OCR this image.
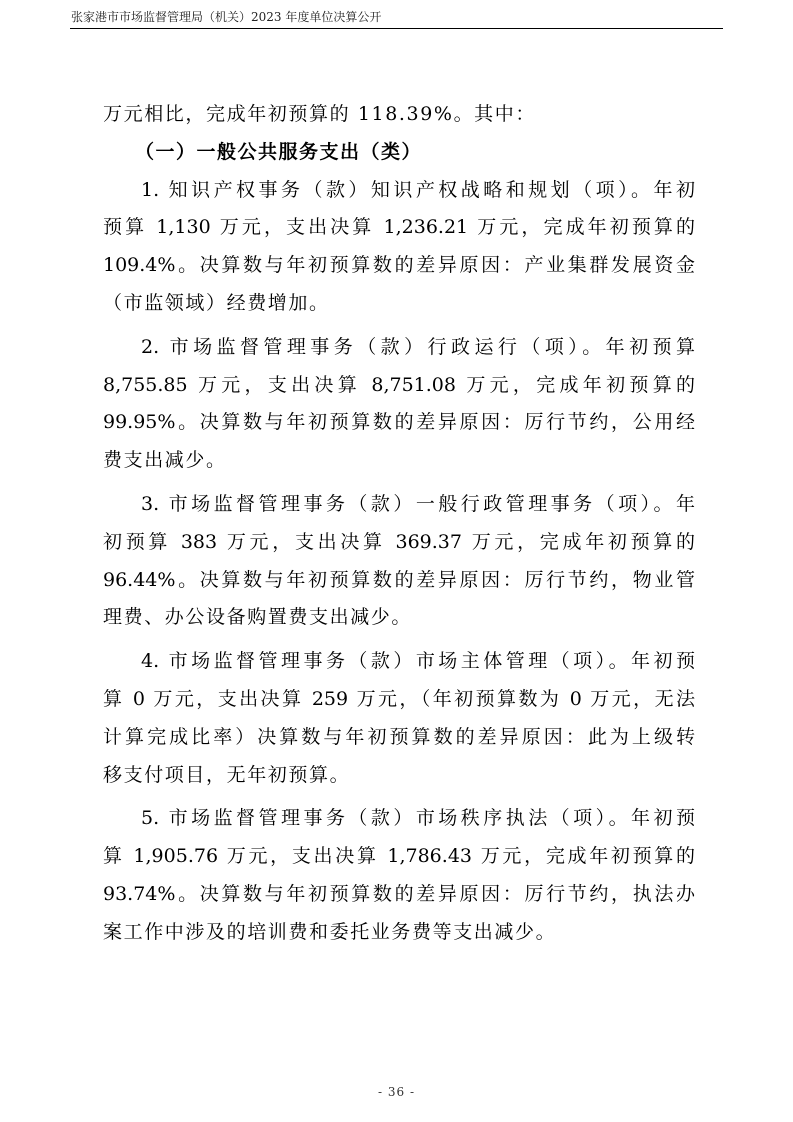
张家港市市场监督管理局（机关）2023 年度单位决算公开
万元相比，完成年初预算的 118.39%。其中：
（一）一般公共服务支出（类）
1. 知识产权事务（款）知识产权战略和规划（项）。年初
预算 1,130 万元，支出决算 1,236.21 万元，完成年初预算的
109.4%。决算数与年初预算数的差异原因：产业集群发展资金
（市监领域）经费增加。
2. 市场监督管理事务（款）行政运行（项）。年初预算
8,755.85 万元，支出决算 8,751.08 万元，完成年初预算的
99.95%。决算数与年初预算数的差异原因：厉行节约，公用经
费支出减少。
3. 市场监督管理事务（款）一般行政管理事务（项）。年
初预算 383 万元，支出决算 369.37 万元，完成年初预算的
96.44%。决算数与年初预算数的差异原因：厉行节约，物业管
理费、办公设备购置费支出减少。
4. 市场监督管理事务（款）市场主体管理（项）。年初预
算 0 万元，支出决算 259 万元，（年初预算数为 0 万元，无法
计算完成比率）决算数与年初预算数的差异原因：此为上级转
移支付项目，无年初预算。
5. 市场监督管理事务（款）市场秩序执法（项）。年初预
算 1,905.76 万元，支出决算 1,786.43 万元，完成年初预算的
93.74%。决算数与年初预算数的差异原因：厉行节约，执法办
案工作中涉及的培训费和委托业务费等支出减少。
- 36 -
